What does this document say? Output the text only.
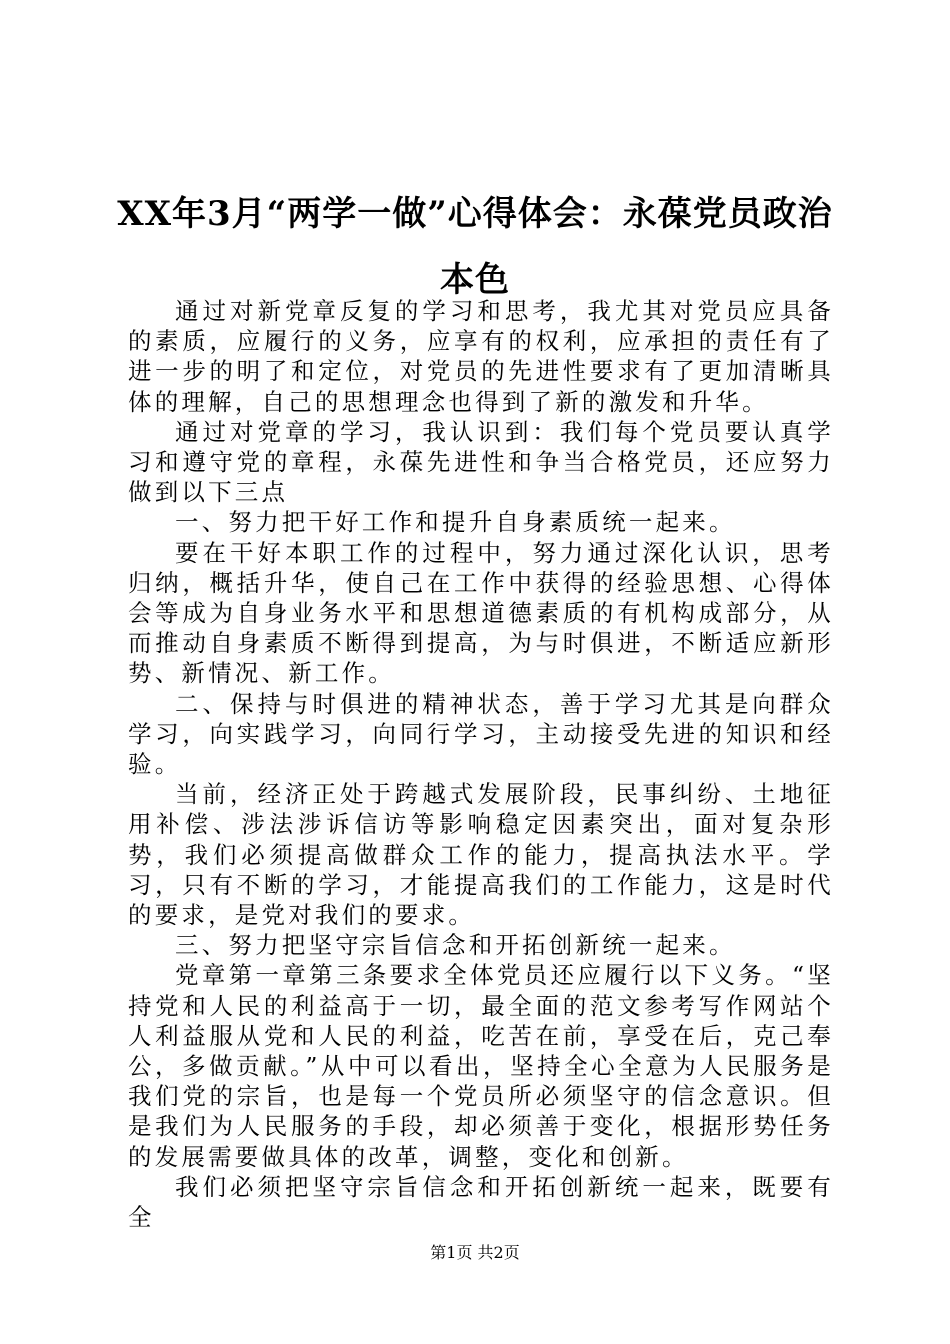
XX年3月“两学一做”心得体会：永葆党员政治本色

通过对新党章反复的学习和思考，我尤其对党员应具备的素质，应履行的义务，应享有的权利，应承担的责任有了进一步的明了和定位，对党员的先进性要求有了更加清晰具体的理解，自己的思想理念也得到了新的激发和升华。

通过对党章的学习，我认识到：我们每个党员要认真学习和遵守党的章程，永葆先进性和争当合格党员，还应努力做到以下三点

一、努力把干好工作和提升自身素质统一起来。

要在干好本职工作的过程中，努力通过深化认识，思考归纳，概括升华，使自己在工作中获得的经验思想、心得体会等成为自身业务水平和思想道德素质的有机构成部分，从而推动自身素质不断得到提高，为与时俱进，不断适应新形势、新情况、新工作。

二、保持与时俱进的精神状态，善于学习尤其是向群众学习，向实践学习，向同行学习，主动接受先进的知识和经验。

当前，经济正处于跨越式发展阶段，民事纠纷、土地征用补偿、涉法涉诉信访等影响稳定因素突出，面对复杂形势，我们必须提高做群众工作的能力，提高执法水平。学习，只有不断的学习，才能提高我们的工作能力，这是时代的要求，是党对我们的要求。

三、努力把坚守宗旨信念和开拓创新统一起来。

党章第一章第三条要求全体党员还应履行以下义务。“坚持党和人民的利益高于一切，最全面的范文参考写作网站个人利益服从党和人民的利益，吃苦在前，享受在后，克己奉公，多做贡献。”从中可以看出，坚持全心全意为人民服务是我们党的宗旨，也是每一个党员所必须坚守的信念意识。但是我们为人民服务的手段，却必须善于变化，根据形势任务的发展需要做具体的改革，调整，变化和创新。

我们必须把坚守宗旨信念和开拓创新统一起来，既要有全

第1页 共2页
